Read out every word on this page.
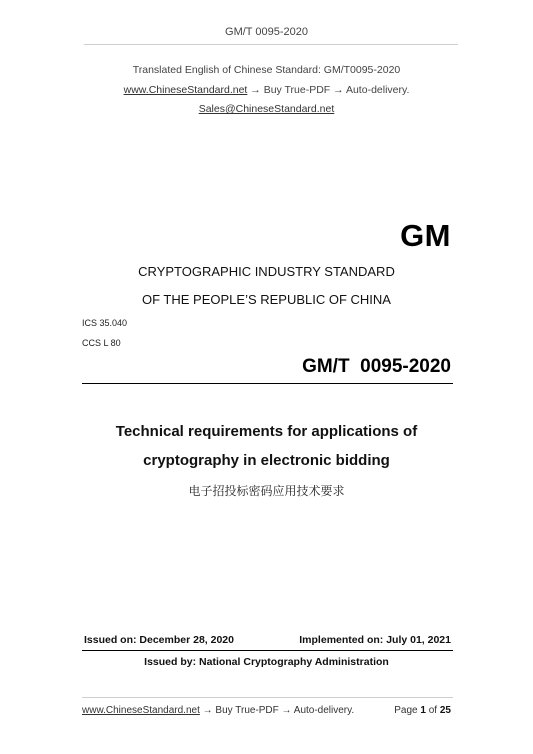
GM/T 0095-2020
Translated English of Chinese Standard: GM/T0095-2020
www.ChineseStandard.net → Buy True-PDF → Auto-delivery.
Sales@ChineseStandard.net
GM
CRYPTOGRAPHIC INDUSTRY STANDARD
OF THE PEOPLE’S REPUBLIC OF CHINA
ICS 35.040
CCS L 80
GM/T  0095-2020
Technical requirements for applications of
cryptography in electronic bidding
电子招投标密码应用技术要求
Issued on: December 28, 2020	Implemented on: July 01, 2021
Issued by: National Cryptography Administration
www.ChineseStandard.net → Buy True-PDF → Auto-delivery.	Page 1 of 25
